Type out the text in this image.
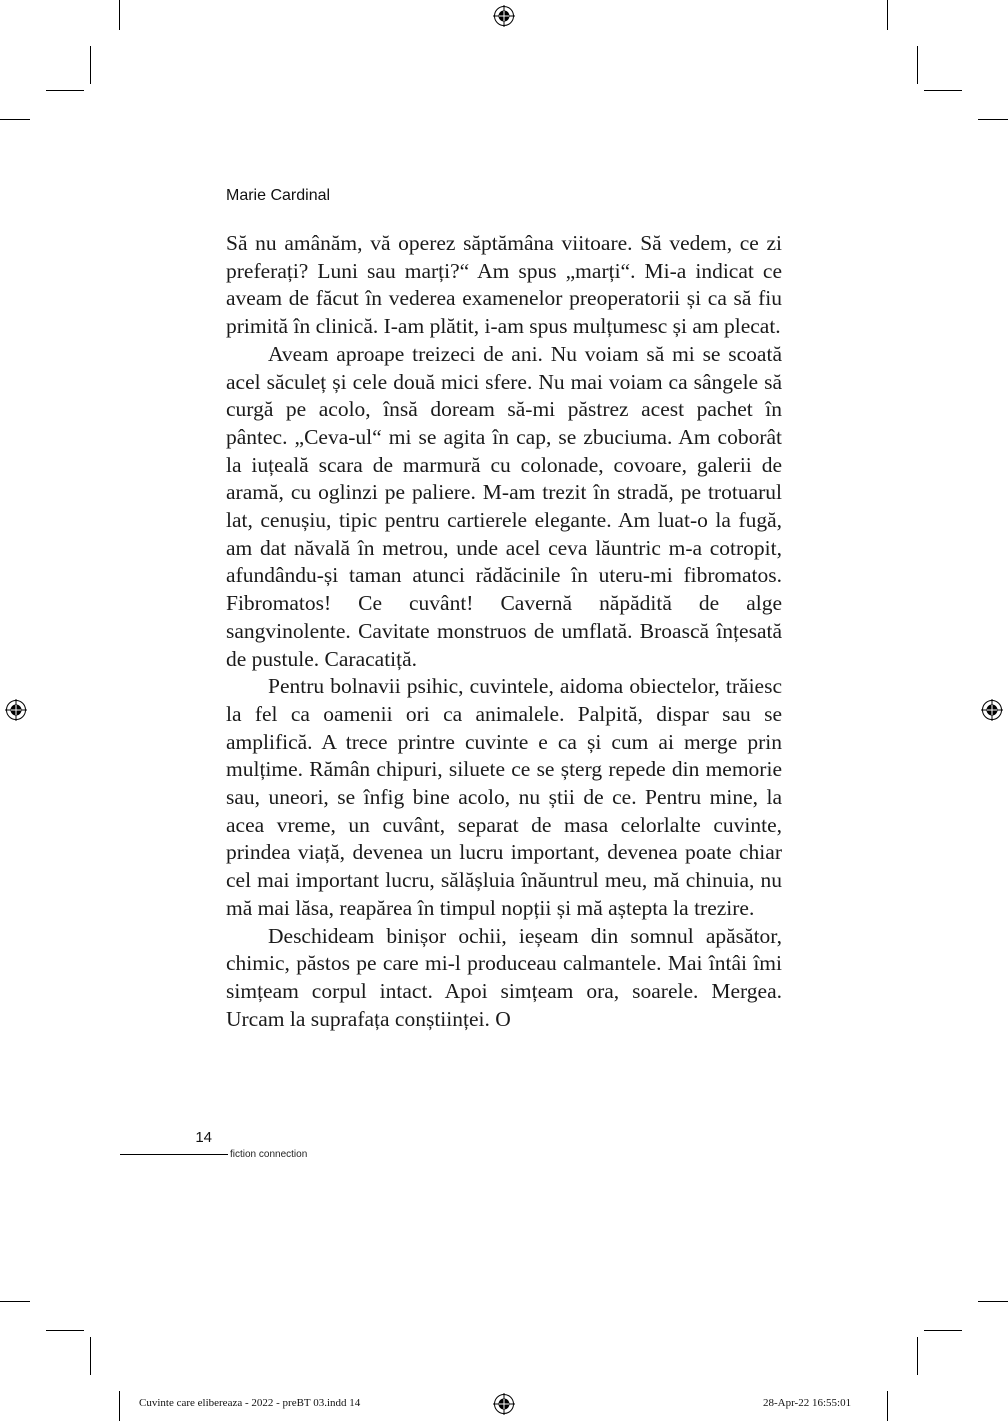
Marie Cardinal

Să nu amânăm, vă operez săptămâna viitoare. Să vedem, ce zi preferați? Luni sau marți?“ Am spus „marți“. Mi-a indicat ce aveam de făcut în vederea examenelor preoperatorii și ca să fiu primită în clinică. I-am plătit, i-am spus mulțumesc și am plecat.

Aveam aproape treizeci de ani. Nu voiam să mi se scoată acel săculeț și cele două mici sfere. Nu mai voiam ca sângele să curgă pe acolo, însă doream să-mi păstrez acest pachet în pântec. „Ceva-ul“ mi se agita în cap, se zbuciuma. Am coborât la iuțeală scara de marmură cu colonade, covoare, galerii de aramă, cu oglinzi pe paliere. M-am trezit în stradă, pe trotuarul lat, cenușiu, tipic pentru cartierele elegante. Am luat-o la fugă, am dat năvală în metrou, unde acel ceva lăuntric m-a cotropit, afundându-și taman atunci rădăcinile în uteru-mi fibromatos. Fibromatos! Ce cuvânt! Cavernă năpădită de alge sangvinolente. Cavitate monstruos de umflată. Broască înțesată de pustule. Caracatiță.

Pentru bolnavii psihic, cuvintele, aidoma obiectelor, trăiesc la fel ca oamenii ori ca animalele. Palpită, dispar sau se amplifică. A trece printre cuvinte e ca și cum ai merge prin mulțime. Rămân chipuri, siluete ce se șterg repede din memorie sau, uneori, se înfig bine acolo, nu știi de ce. Pentru mine, la acea vreme, un cuvânt, separat de masa celorlalte cuvinte, prindea viață, devenea un lucru important, devenea poate chiar cel mai important lucru, sălășluia înăuntrul meu, mă chinuia, nu mă mai lăsa, reapărea în timpul nopții și mă aștepta la trezire.

Deschideam binișor ochii, ieșeam din somnul apăsător, chimic, păstos pe care mi-l produceau calmantele. Mai întâi îmi simțeam corpul intact. Apoi simțeam ora, soarele. Mergea. Urcam la suprafața conștiinței. O

14
fiction connection
Cuvinte care elibereaza - 2022 - preBT 03.indd 14	28-Apr-22 16:55:01
